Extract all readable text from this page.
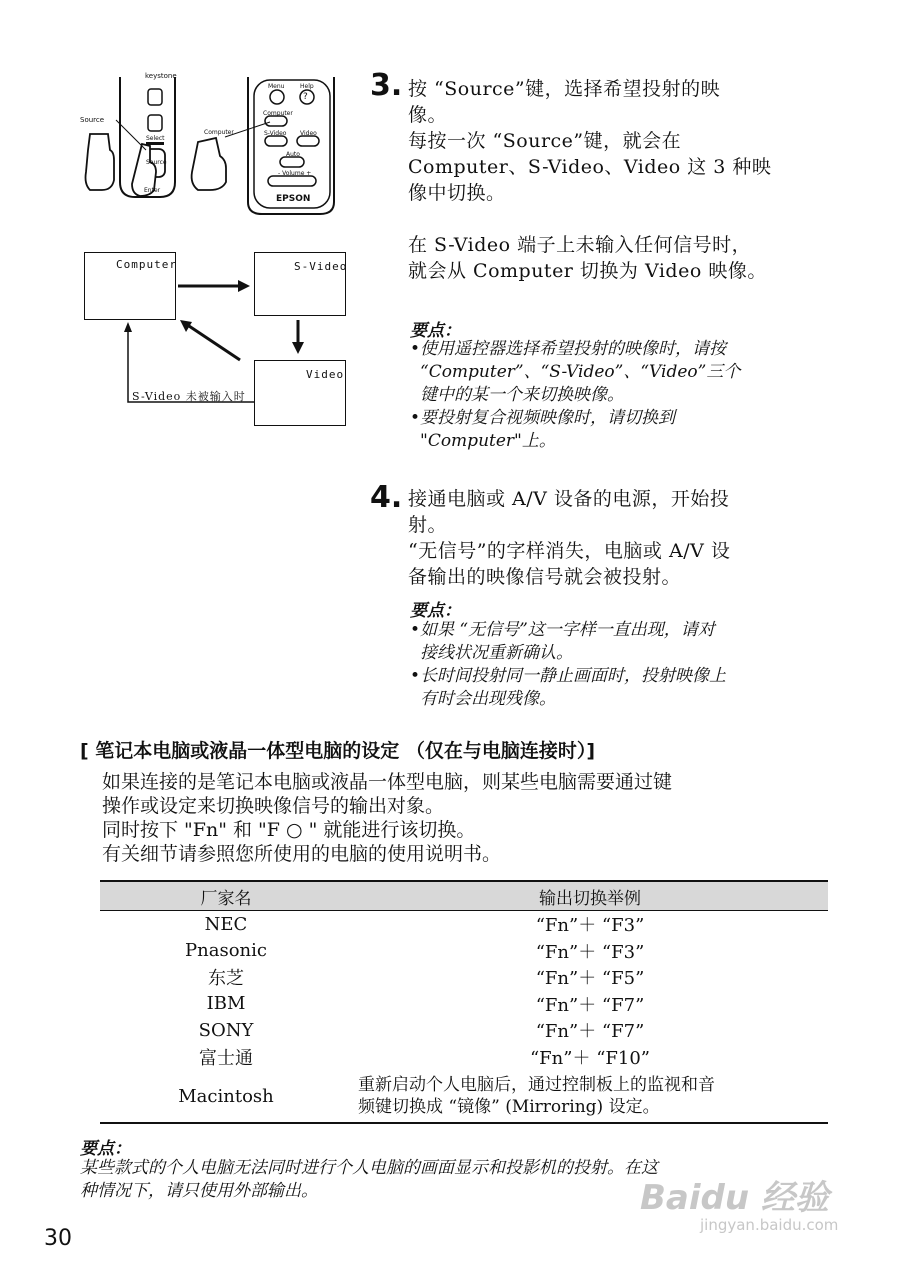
keystone
Source
Select
Source
Enter
Menu	Help
?
Computer
Computer	S-Video Video
Auto
- Volume +
EPSON
Computer	S-Video
Video
S-Video 未被输入时
3. 按 “Source”键，选择希望投射的映
像。
每按一次 “Source”键，就会在
Computer、S-Video、Video 这 3 种映
像中切换。
在 S-Video 端子上未输入任何信号时，
就会从 Computer 切换为 Video 映像。
要点：
• 使用遥控器选择希望投射的映像时，请按
“Computer”、“S-Video”、“Video”三个
键中的某一个来切换映像。
• 要投射复合视频映像时，请切换到
"Computer"上。
4. 接通电脑或 A/V 设备的电源，开始投
射。
“无信号”的字样消失，电脑或 A/V 设
备输出的映像信号就会被投射。
要点：
• 如果 “无信号”这一字样一直出现，请对
接线状况重新确认。
• 长时间投射同一静止画面时，投射映像上
有时会出现残像。
[ 笔记本电脑或液晶一体型电脑的设定 （仅在与电脑连接时）]
如果连接的是笔记本电脑或液晶一体型电脑，则某些电脑需要通过键
操作或设定来切换映像信号的输出对象。
同时按下 "Fn" 和 "F ○ " 就能进行该切换。
有关细节请参照您所使用的电脑的使用说明书。
厂家名	输出切换举例
NEC	“Fn”＋ “F3”
Pnasonic	“Fn”＋ “F3”
东芝	“Fn”＋ “F5”
IBM	“Fn”＋ “F7”
SONY	“Fn”＋ “F7”
富士通	“Fn”＋ “F10”
Macintosh	重新启动个人电脑后，通过控制板上的监视和音
频键切换成 “镜像” (Mirroring) 设定。
要点：
某些款式的个人电脑无法同时进行个人电脑的画面显示和投影机的投射。在这
种情况下，请只使用外部输出。
30
Baidu 经验
jingyan.baidu.com
